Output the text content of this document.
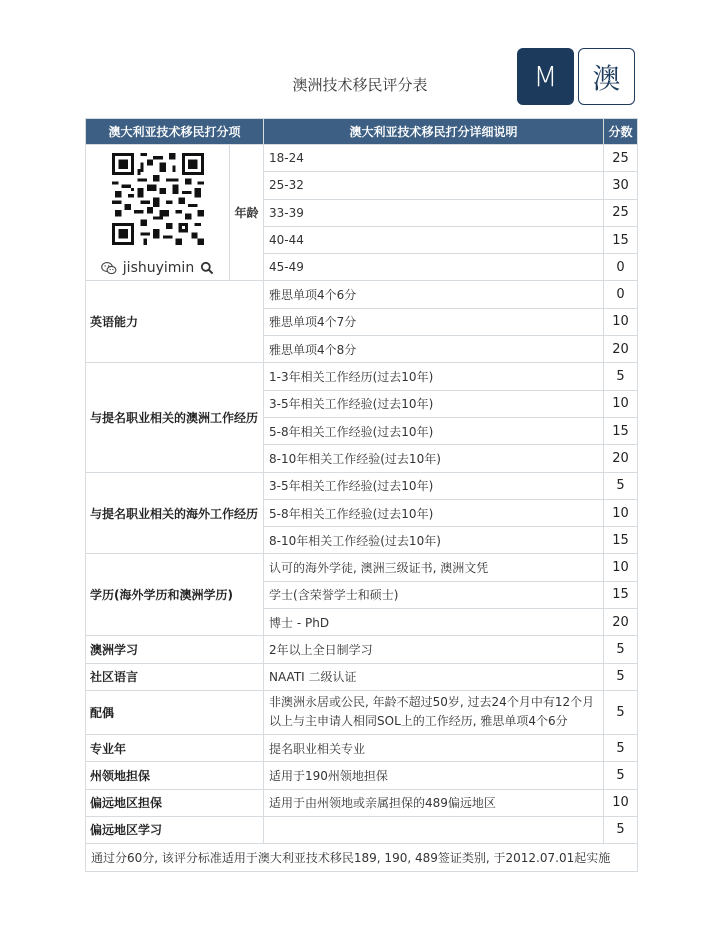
澳洲技术移民评分表	M	澳
澳大利亚技术移民打分项		澳大利亚技术移民打分详细说明	分数

jishuyimin	年龄	18-24	25
		25-32	30
		33-39	25
		40-44	15
		45-49	0
英语能力		雅思单项4个6分	0
		雅思单项4个7分	10
		雅思单项4个8分	20
与提名职业相关的澳洲工作经历		1-3年相关工作经历(过去10年)	5
		3-5年相关工作经验(过去10年)	10
		5-8年相关工作经验(过去10年)	15
		8-10年相关工作经验(过去10年)	20
与提名职业相关的海外工作经历		3-5年相关工作经验(过去10年)	5
		5-8年相关工作经验(过去10年)	10
		8-10年相关工作经验(过去10年)	15
学历(海外学历和澳洲学历)		认可的海外学徒, 澳洲三级证书, 澳洲文凭	10
		学士(含荣誉学士和硕士)	15
		博士 - PhD	20
澳洲学习		2年以上全日制学习	5
社区语言		NAATI 二级认证	5
配偶		非澳洲永居或公民, 年龄不超过50岁, 过去24个月中有12个月
以上与主申请人相同SOL上的工作经历, 雅思单项4个6分	5
专业年		提名职业相关专业	5
州领地担保		适用于190州领地担保	5
偏远地区担保		适用于由州领地或亲属担保的489偏远地区	10
偏远地区学习			5
通过分60分, 该评分标准适用于澳大利亚技术移民189, 190, 489签证类别, 于2012.07.01起实施			
